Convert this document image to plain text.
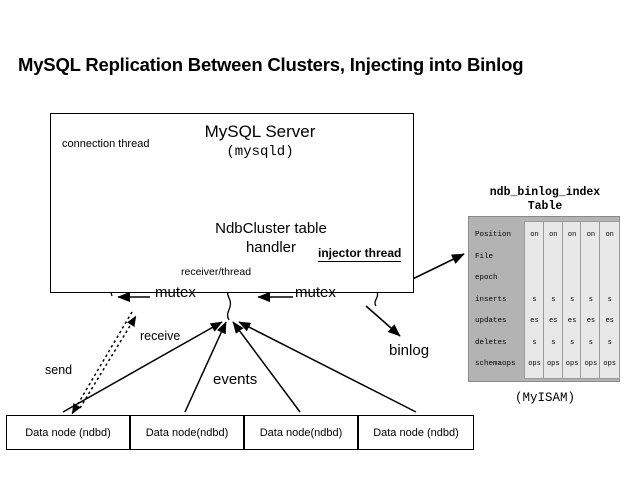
MySQL Replication Between Clusters, Injecting into Binlog
MySQL Server
(mysqld)
connection thread
NdbCluster table
handler	injector thread
receiver/thread
mutex	mutex
binlog
events
receive
send
ndb_binlog_index
Table
Position	on	on	on	on	on
File
epoch
inserts	s	s	s	s	s
updates	es	es	es	es	es
deletes	s	s	s	s	s
schemaops	ops ops ops ops ops
(MyISAM)
Data node (ndbd)	Data node(ndbd)	Data node(ndbd)	Data node (ndbd)
